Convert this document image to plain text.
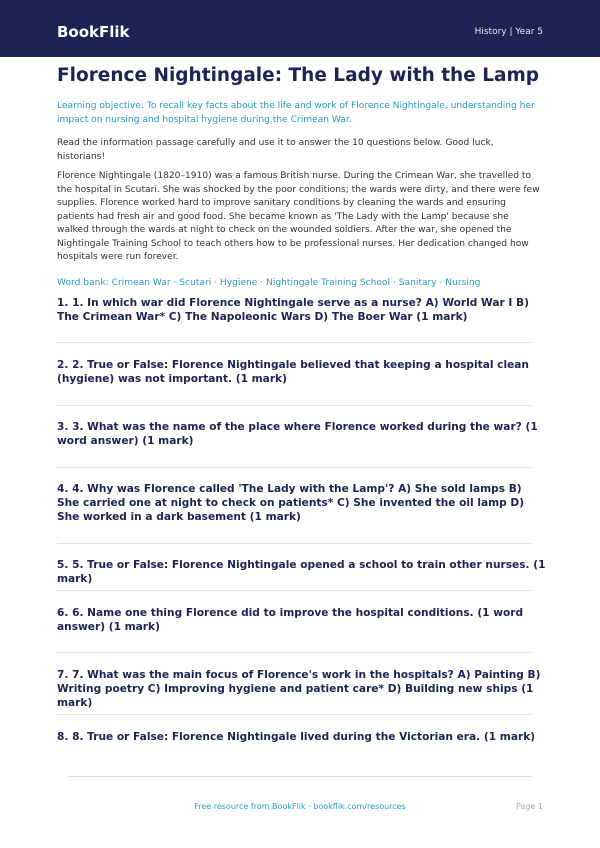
BookFlik	History | Year 5
Florence Nightingale: The Lady with the Lamp

Learning objective: To recall key facts about the life and work of Florence Nightingale, understanding her impact on nursing and hospital hygiene during the Crimean War.

Read the information passage carefully and use it to answer the 10 questions below. Good luck, historians!

Florence Nightingale (1820–1910) was a famous British nurse. During the Crimean War, she travelled to the hospital in Scutari. She was shocked by the poor conditions; the wards were dirty, and there were few supplies. Florence worked hard to improve sanitary conditions by cleaning the wards and ensuring patients had fresh air and good food. She became known as 'The Lady with the Lamp' because she walked through the wards at night to check on the wounded soldiers. After the war, she opened the Nightingale Training School to teach others how to be professional nurses. Her dedication changed how hospitals were run forever.

Word bank: Crimean War · Scutari · Hygiene · Nightingale Training School · Sanitary · Nursing

1. 1. In which war did Florence Nightingale serve as a nurse? A) World War I B) The Crimean War* C) The Napoleonic Wars D) The Boer War (1 mark)
2. 2. True or False: Florence Nightingale believed that keeping a hospital clean (hygiene) was not important. (1 mark)
3. 3. What was the name of the place where Florence worked during the war? (1 word answer) (1 mark)
4. 4. Why was Florence called 'The Lady with the Lamp'? A) She sold lamps B) She carried one at night to check on patients* C) She invented the oil lamp D) She worked in a dark basement (1 mark)
5. 5. True or False: Florence Nightingale opened a school to train other nurses. (1 mark)
6. 6. Name one thing Florence did to improve the hospital conditions. (1 word answer) (1 mark)
7. 7. What was the main focus of Florence's work in the hospitals? A) Painting B) Writing poetry C) Improving hygiene and patient care* D) Building new ships (1 mark)
8. 8. True or False: Florence Nightingale lived during the Victorian era. (1 mark)
Free resource from BookFlik · bookflik.com/resources	Page 1
